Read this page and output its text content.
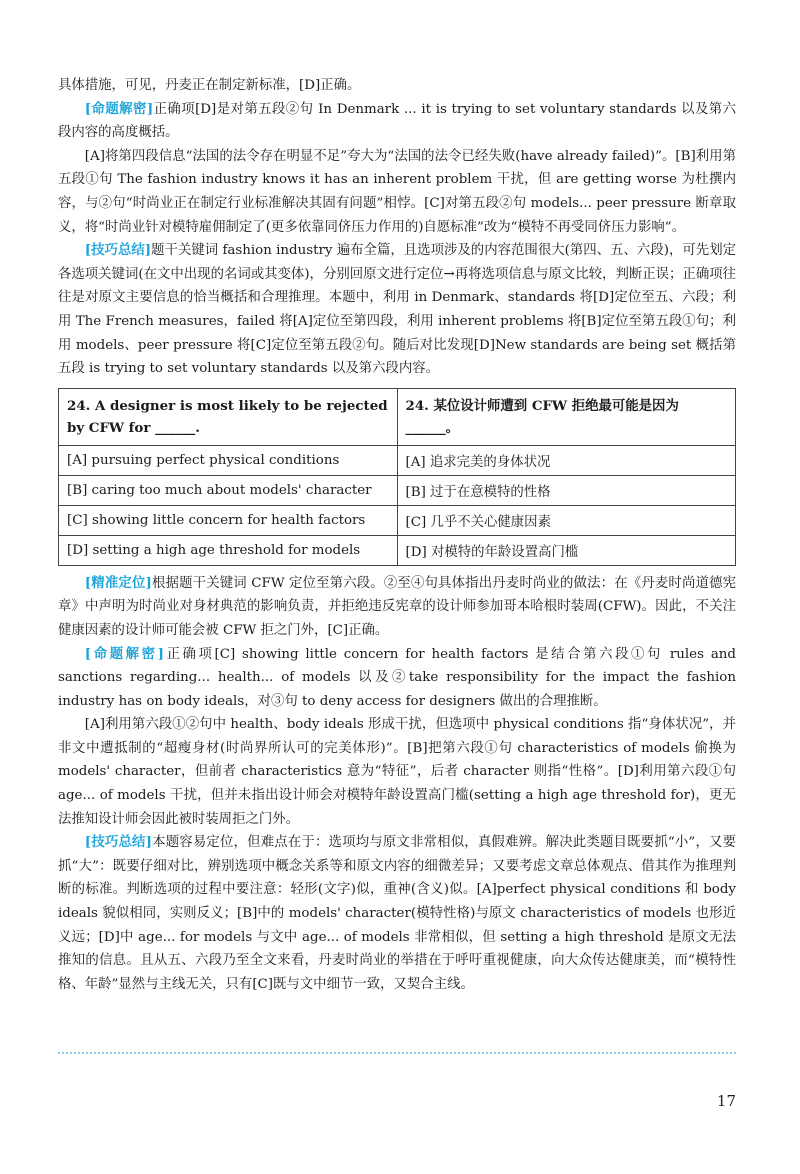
具体措施，可见，丹麦正在制定新标准，[D]正确。

[命题解密]正确项[D]是对第五段②句 In Denmark ... it is trying to set voluntary standards 以及第六段内容的高度概括。

[A]将第四段信息“法国的法令存在明显不足”夸大为“法国的法令已经失败(have already failed)”。[B]利用第五段①句 The fashion industry knows it has an inherent problem 干扰，但 are getting worse 为杜撰内容，与②句“时尚业正在制定行业标准解决其固有问题”相悖。[C]对第五段②句 models... peer pressure 断章取义，将“时尚业针对模特雇佣制定了(更多依靠同侪压力作用的)自愿标准”改为“模特不再受同侪压力影响”。

[技巧总结]题干关键词 fashion industry 遍布全篇，且选项涉及的内容范围很大(第四、五、六段)，可先划定各选项关键词(在文中出现的名词或其变体)，分别回原文进行定位→再将选项信息与原文比较，判断正误；正确项往往是对原文主要信息的恰当概括和合理推理。本题中，利用 in Denmark、standards 将[D]定位至五、六段；利用 The French measures，failed 将[A]定位至第四段，利用 inherent problems 将[B]定位至第五段①句；利用 models、peer pressure 将[C]定位至第五段②句。随后对比发现[D]New standards are being set 概括第五段 is trying to set voluntary standards 以及第六段内容。

24. A designer is most likely to be rejected by CFW for ______.	24. 某位设计师遭到 CFW 拒绝最可能是因为______。
[A] pursuing perfect physical conditions	[A] 追求完美的身体状况
[B] caring too much about models' character	[B] 过于在意模特的性格
[C] showing little concern for health factors	[C] 几乎不关心健康因素
[D] setting a high age threshold for models	[D] 对模特的年龄设置高门槛

[精准定位]根据题干关键词 CFW 定位至第六段。②至④句具体指出丹麦时尚业的做法：在《丹麦时尚道德宪章》中声明为时尚业对身材典范的影响负责，并拒绝违反宪章的设计师参加哥本哈根时装周(CFW)。因此，不关注健康因素的设计师可能会被 CFW 拒之门外，[C]正确。

[命题解密]正确项[C] showing little concern for health factors 是结合第六段①句 rules and sanctions regarding... health... of models 以及②take responsibility for the impact the fashion industry has on body ideals，对③句 to deny access for designers 做出的合理推断。

[A]利用第六段①②句中 health、body ideals 形成干扰，但选项中 physical conditions 指“身体状况”，并非文中遭抵制的“超瘦身材(时尚界所认可的完美体形)”。[B]把第六段①句 characteristics of models 偷换为 models' character，但前者 characteristics 意为“特征”，后者 character 则指“性格”。[D]利用第六段①句 age... of models 干扰，但并未指出设计师会对模特年龄设置高门槛(setting a high age threshold for)，更无法推知设计师会因此被时装周拒之门外。

[技巧总结]本题容易定位，但难点在于：选项均与原文非常相似，真假难辨。解决此类题目既要抓“小”，又要抓“大”：既要仔细对比，辨别选项中概念关系等和原文内容的细微差异；又要考虑文章总体观点、借其作为推理判断的标准。判断选项的过程中要注意：轻形(文字)似，重神(含义)似。[A]perfect physical conditions 和 body ideals 貌似相同，实则反义；[B]中的 models' character(模特性格)与原文 characteristics of models 也形近义远；[D]中 age... for models 与文中 age... of models 非常相似，但 setting a high threshold 是原文无法推知的信息。且从五、六段乃至全文来看，丹麦时尚业的举措在于呼吁重视健康，向大众传达健康美，而“模特性格、年龄”显然与主线无关，只有[C]既与文中细节一致，又契合主线。

17
